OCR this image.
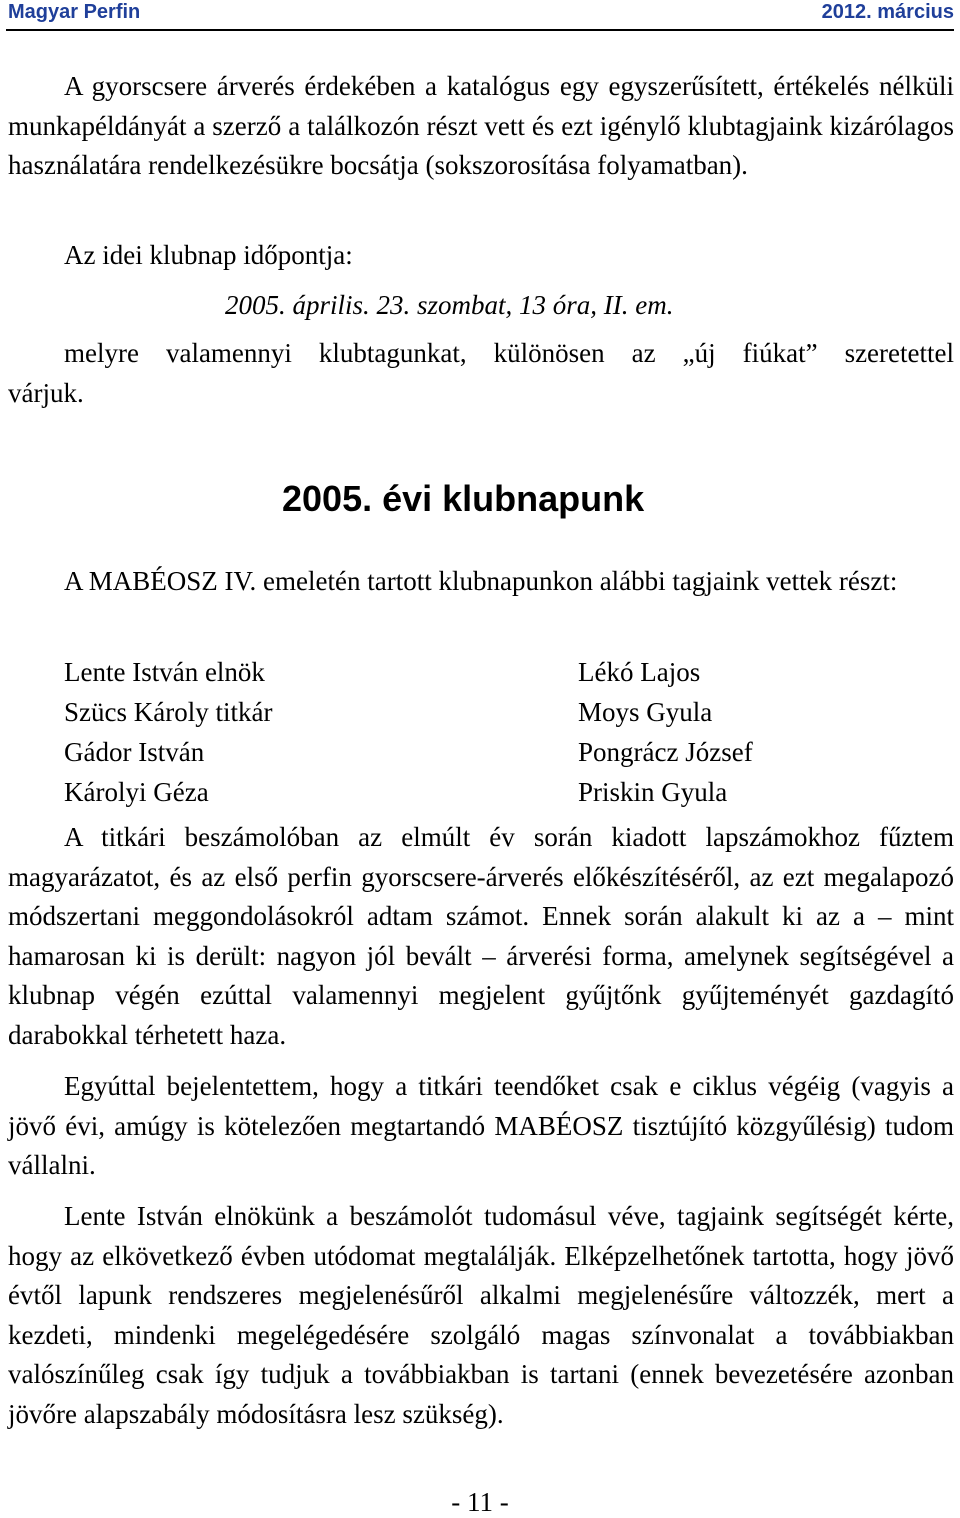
Magyar Perfin	2012. március
A gyorscsere árverés érdekében a katalógus egy egyszerűsített, értékelés nélküli munkapéldányát a szerző a találkozón részt vett és ezt igénylő klubtagjaink kizárólagos használatára rendelkezésükre bocsátja (sokszorosítása folyamatban).
Az idei klubnap időpontja:
2005. április. 23. szombat, 13 óra, II. em.
melyre valamennyi klubtagunkat, különösen az „új fiúkat” szeretettel
várjuk.
2005. évi klubnapunk
A MABÉOSZ IV. emeletén tartott klubnapunkon alábbi tagjaink vettek részt:
Lente István elnök
Szücs Károly titkár
Gádor István
Károlyi Géza
Lékó Lajos
Moys Gyula
Pongrácz József
Priskin Gyula
A titkári beszámolóban az elmúlt év során kiadott lapszámokhoz fűztem magyarázatot, és az első perfin gyorscsere-árverés előkészítéséről, az ezt megalapozó módszertani meggondolásokról adtam számot. Ennek során alakult ki az a – mint hamarosan ki is derült: nagyon jól bevált – árverési forma, amelynek segítségével a klubnap végén ezúttal valamennyi megjelent gyűjtőnk gyűjteményét gazdagító darabokkal térhetett haza.
Egyúttal bejelentettem, hogy a titkári teendőket csak e ciklus végéig (vagyis a jövő évi, amúgy is kötelezően megtartandó MABÉOSZ tisztújító közgyűlésig) tudom vállalni.
Lente István elnökünk a beszámolót tudomásul véve, tagjaink segítségét kérte, hogy az elkövetkező évben utódomat megtalálják. Elképzelhetőnek tartotta, hogy jövő évtől lapunk rendszeres megjelenésűről alkalmi megjelenésűre változzék, mert a kezdeti, mindenki megelégedésére szolgáló magas színvonalat a továbbiakban valószínűleg csak így tudjuk a továbbiakban is tartani (ennek bevezetésére azonban jövőre alapszabály módosításra lesz szükség).
- 11 -
